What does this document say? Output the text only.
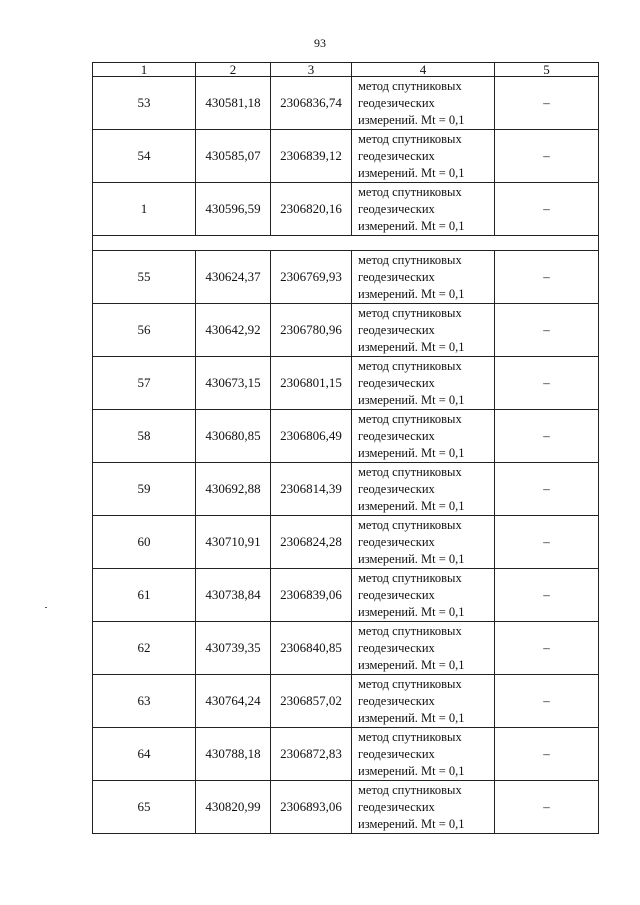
93
1	2	3	4	5
53	430581,18	2306836,74	метод спутниковых
геодезических
измерений. Mt = 0,1	–
54	430585,07	2306839,12	метод спутниковых
геодезических
измерений. Mt = 0,1	–
1	430596,59	2306820,16	метод спутниковых
геодезических
измерений. Mt = 0,1	–

55	430624,37	2306769,93	метод спутниковых
геодезических
измерений. Mt = 0,1	–
56	430642,92	2306780,96	метод спутниковых
геодезических
измерений. Mt = 0,1	–
57	430673,15	2306801,15	метод спутниковых
геодезических
измерений. Mt = 0,1	–
58	430680,85	2306806,49	метод спутниковых
геодезических
измерений. Mt = 0,1	–
59	430692,88	2306814,39	метод спутниковых
геодезических
измерений. Mt = 0,1	–
60	430710,91	2306824,28	метод спутниковых
геодезических
измерений. Mt = 0,1	–
61	430738,84	2306839,06	метод спутниковых
геодезических
измерений. Mt = 0,1	–
62	430739,35	2306840,85	метод спутниковых
геодезических
измерений. Mt = 0,1	–
63	430764,24	2306857,02	метод спутниковых
геодезических
измерений. Mt = 0,1	–
64	430788,18	2306872,83	метод спутниковых
геодезических
измерений. Mt = 0,1	–
65	430820,99	2306893,06	метод спутниковых
геодезических
измерений. Mt = 0,1	–
